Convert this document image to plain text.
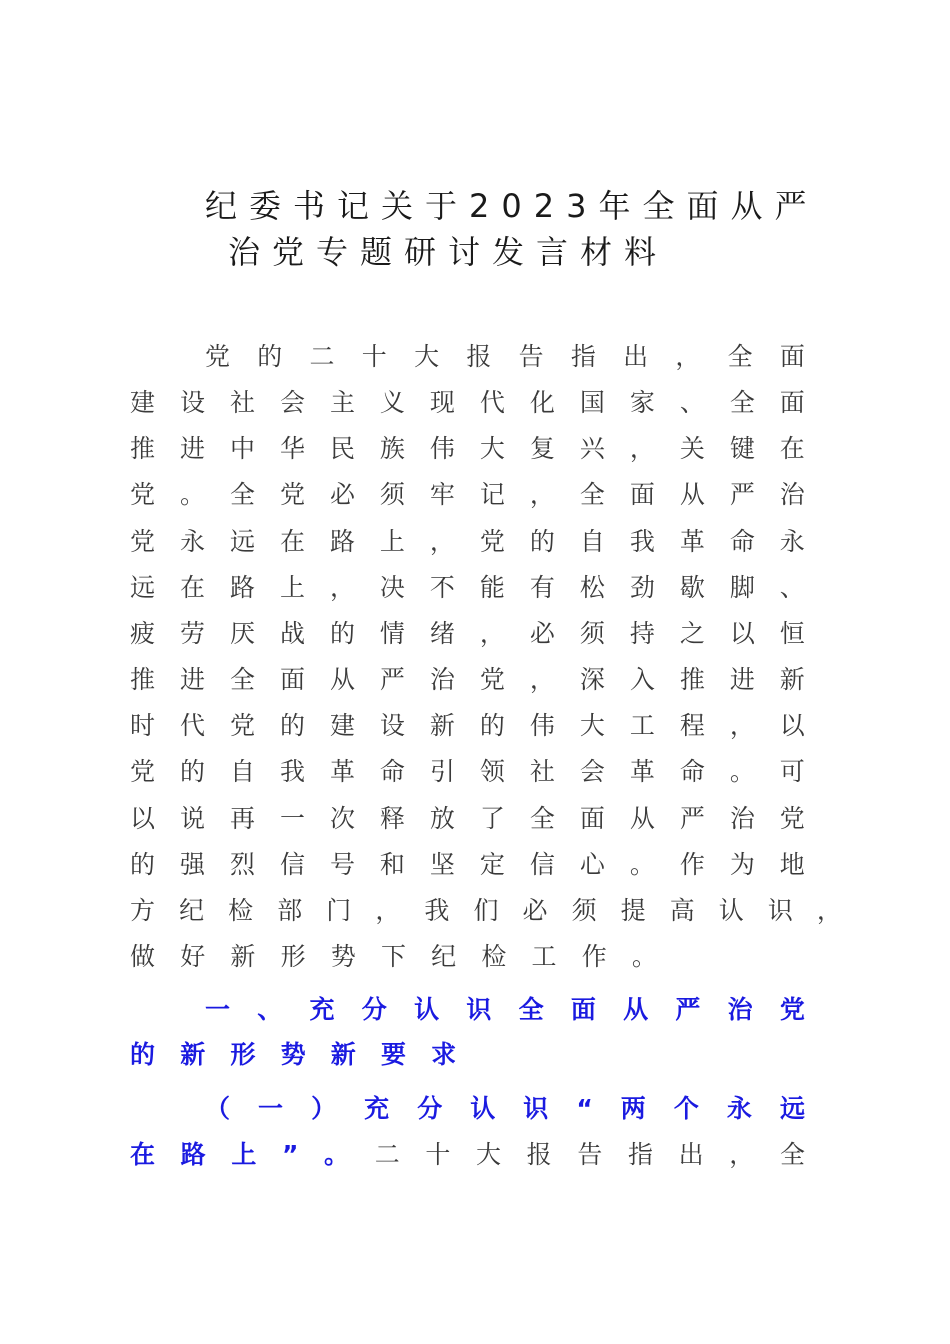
纪委书记关于2023年全面从严
治党专题研讨发言材料
党 的 二 十 大 报 告 指 出 ， 全 面
建 设 社 会 主 义 现 代 化 国 家 、 全 面
推 进 中 华 民 族 伟 大 复 兴 ， 关 键 在
党 。 全 党 必 须 牢 记 ， 全 面 从 严 治
党 永 远 在 路 上 ， 党 的 自 我 革 命 永
远 在 路 上 ， 决 不 能 有 松 劲 歇 脚 、
疲 劳 厌 战 的 情 绪 ， 必 须 持 之 以 恒
推 进 全 面 从 严 治 党 ， 深 入 推 进 新
时 代 党 的 建 设 新 的 伟 大 工 程 ， 以
党 的 自 我 革 命 引 领 社 会 革 命 。 可
以 说 再 一 次 释 放 了 全 面 从 严 治 党
的 强 烈 信 号 和 坚 定 信 心 。 作 为 地
方 纪 检 部 门 ， 我 们 必 须 提 高 认 识 ，
做	好	新	形	势	下	纪	检	工	作	。
一 、 充 分 认 识 全 面 从 严 治 党
的	新	形	势	新	要	求
（ 一 ） 充 分 认 识 “ 两 个 永 远
在 路 上 ” 。 二 十 大 报 告 指 出 ， 全
